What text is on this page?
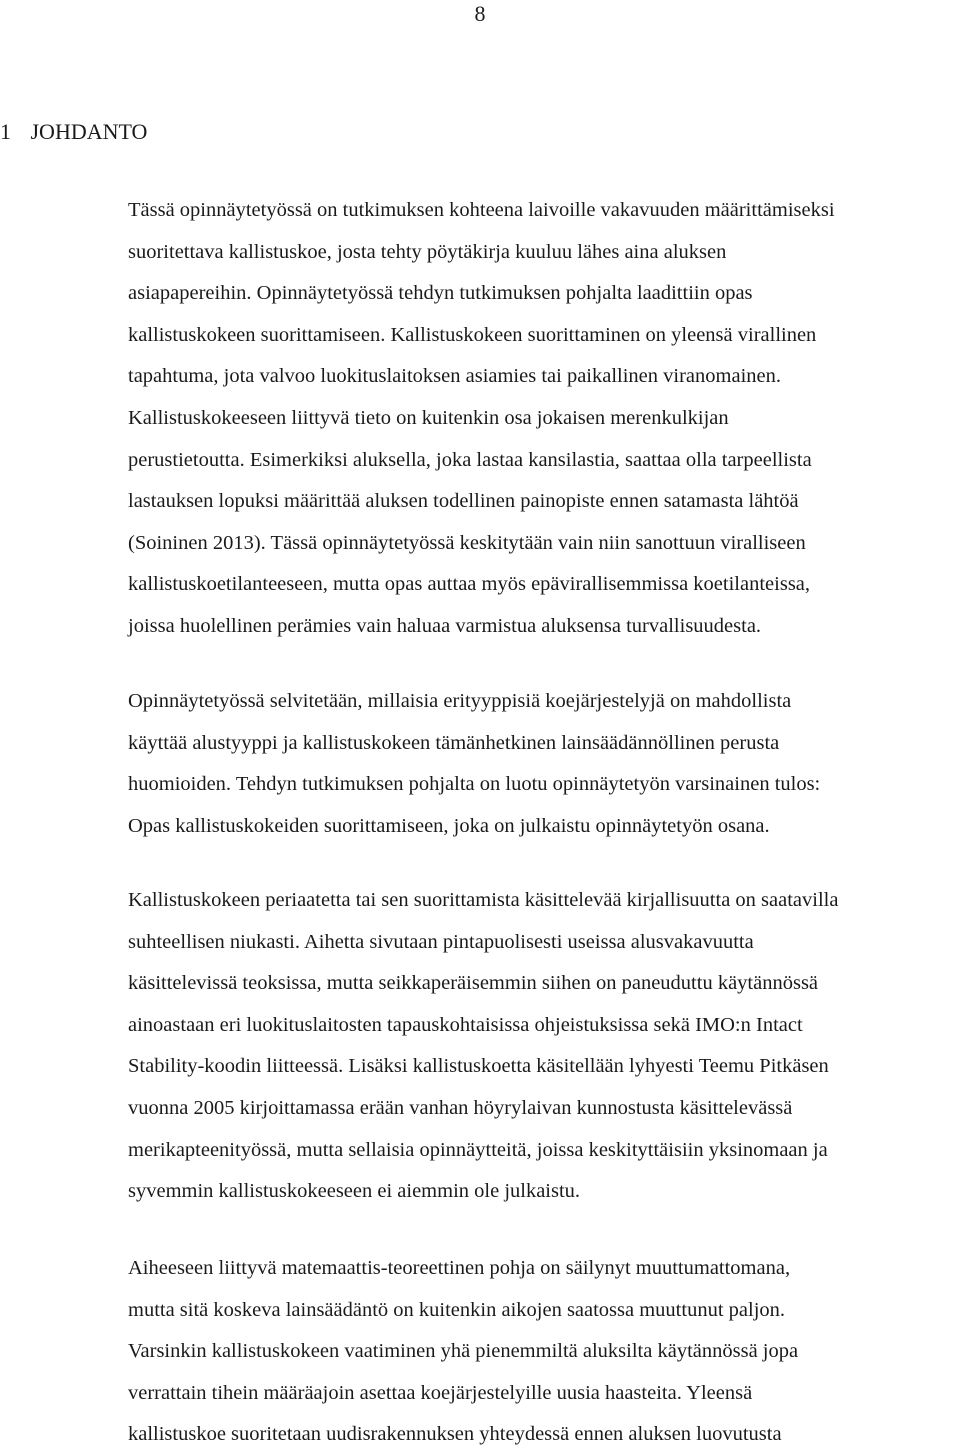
8
1 JOHDANTO
Tässä opinnäytetyössä on tutkimuksen kohteena laivoille vakavuuden määrittämiseksi
suoritettava kallistuskoe, josta tehty pöytäkirja kuuluu lähes aina aluksen
asiapapereihin. Opinnäytetyössä tehdyn tutkimuksen pohjalta laadittiin opas
kallistuskokeen suorittamiseen. Kallistuskokeen suorittaminen on yleensä virallinen
tapahtuma, jota valvoo luokituslaitoksen asiamies tai paikallinen viranomainen.
Kallistuskokeeseen liittyvä tieto on kuitenkin osa jokaisen merenkulkijan
perustietoutta. Esimerkiksi aluksella, joka lastaa kansilastia, saattaa olla tarpeellista
lastauksen lopuksi määrittää aluksen todellinen painopiste ennen satamasta lähtöä
(Soininen 2013). Tässä opinnäytetyössä keskitytään vain niin sanottuun viralliseen
kallistuskoetilanteeseen, mutta opas auttaa myös epävirallisemmissa koetilanteissa,
joissa huolellinen perämies vain haluaa varmistua aluksensa turvallisuudesta.
Opinnäytetyössä selvitetään, millaisia erityyppisiä koejärjestelyjä on mahdollista
käyttää alustyyppi ja kallistuskokeen tämänhetkinen lainsäädännöllinen perusta
huomioiden. Tehdyn tutkimuksen pohjalta on luotu opinnäytetyön varsinainen tulos:
Opas kallistuskokeiden suorittamiseen, joka on julkaistu opinnäytetyön osana.
Kallistuskokeen periaatetta tai sen suorittamista käsittelevää kirjallisuutta on saatavilla
suhteellisen niukasti. Aihetta sivutaan pintapuolisesti useissa alusvakavuutta
käsittelevissä teoksissa, mutta seikkaperäisemmin siihen on paneuduttu käytännössä
ainoastaan eri luokituslaitosten tapauskohtaisissa ohjeistuksissa sekä IMO:n Intact
Stability-koodin liitteessä. Lisäksi kallistuskoetta käsitellään lyhyesti Teemu Pitkäsen
vuonna 2005 kirjoittamassa erään vanhan höyrylaivan kunnostusta käsittelevässä
merikapteenityössä, mutta sellaisia opinnäytteitä, joissa keskityttäisiin yksinomaan ja
syvemmin kallistuskokeeseen ei aiemmin ole julkaistu.
Aiheeseen liittyvä matemaattis-teoreettinen pohja on säilynyt muuttumattomana,
mutta sitä koskeva lainsäädäntö on kuitenkin aikojen saatossa muuttunut paljon.
Varsinkin kallistuskokeen vaatiminen yhä pienemmiltä aluksilta käytännössä jopa
verrattain tihein määräajoin asettaa koejärjestelyille uusia haasteita. Yleensä
kallistuskoe suoritetaan uudisrakennuksen yhteydessä ennen aluksen luovutusta
